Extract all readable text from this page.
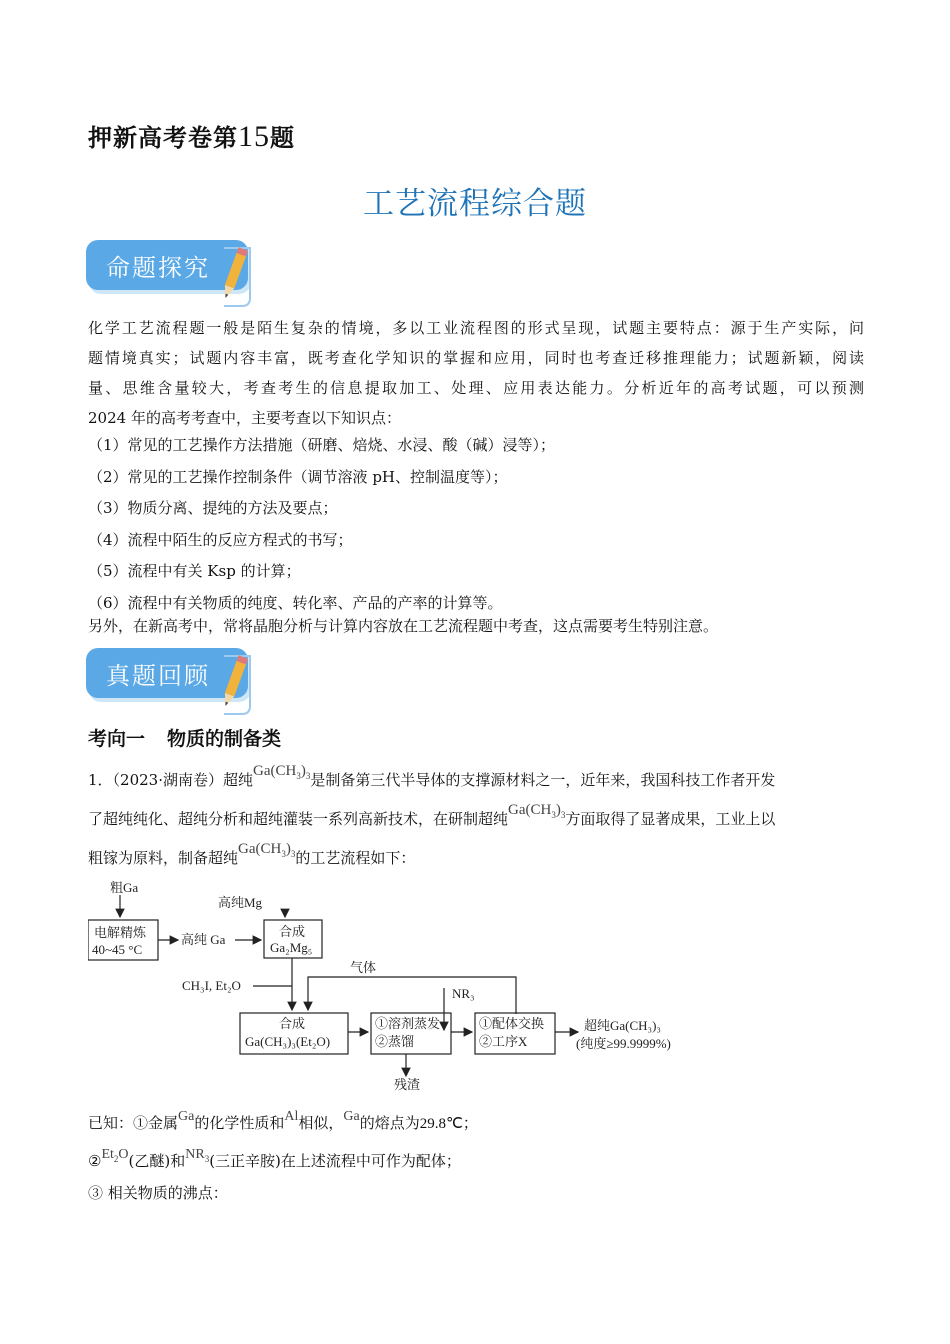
押新高考卷第15题
工艺流程综合题
命题探究
化学工艺流程题一般是陌生复杂的情境，多以工业流程图的形式呈现，试题主要特点：源于生产实际，问
题情境真实；试题内容丰富，既考查化学知识的掌握和应用，同时也考查迁移推理能力；试题新颖，阅读
量、思维含量较大，考查考生的信息提取加工、处理、应用表达能力。分析近年的高考试题，可以预测
2024 年的高考考查中，主要考查以下知识点：
（1）常见的工艺操作方法措施（研磨、焙烧、水浸、酸（碱）浸等）；
（2）常见的工艺操作控制条件（调节溶液 pH、控制温度等）；
（3）物质分离、提纯的方法及要点；
（4）流程中陌生的反应方程式的书写；
（5）流程中有关 Ksp 的计算；
（6）流程中有关物质的纯度、转化率、产品的产率的计算等。
另外，在新高考中，常将晶胞分析与计算内容放在工艺流程题中考查，这点需要考生特别注意。
真题回顾
考向一 物质的制备类
1．（2023·湖南卷）超纯$Ga(CH_3)_3$是制备第三代半导体的支撑源材料之一，近年来，我国科技工作者开发
了超纯纯化、超纯分析和超纯灌装一系列高新技术，在研制超纯$Ga(CH_3)_3$方面取得了显著成果，工业上以
粗镓为原料，制备超纯$Ga(CH_3)_3$的工艺流程如下：
粗Ga
电解精炼
40~45 °C
高纯 Ga
高纯Mg
合成
Ga₂Mg₅
气体
CH₃I, Et₂O
NR₃
合成
Ga(CH₃)₃(Et₂O)
①溶剂蒸发
②蒸馏
①配体交换
②工序X
超纯Ga(CH₃)₃
(纯度≥99.9999%)
残渣
已知：①金属Ga的化学性质和Al相似，Ga的熔点为29.8℃；
$②Et_2O$(乙醚)和$NR_3$(三正辛胺)在上述流程中可作为配体；
③ 相关物质的沸点：
